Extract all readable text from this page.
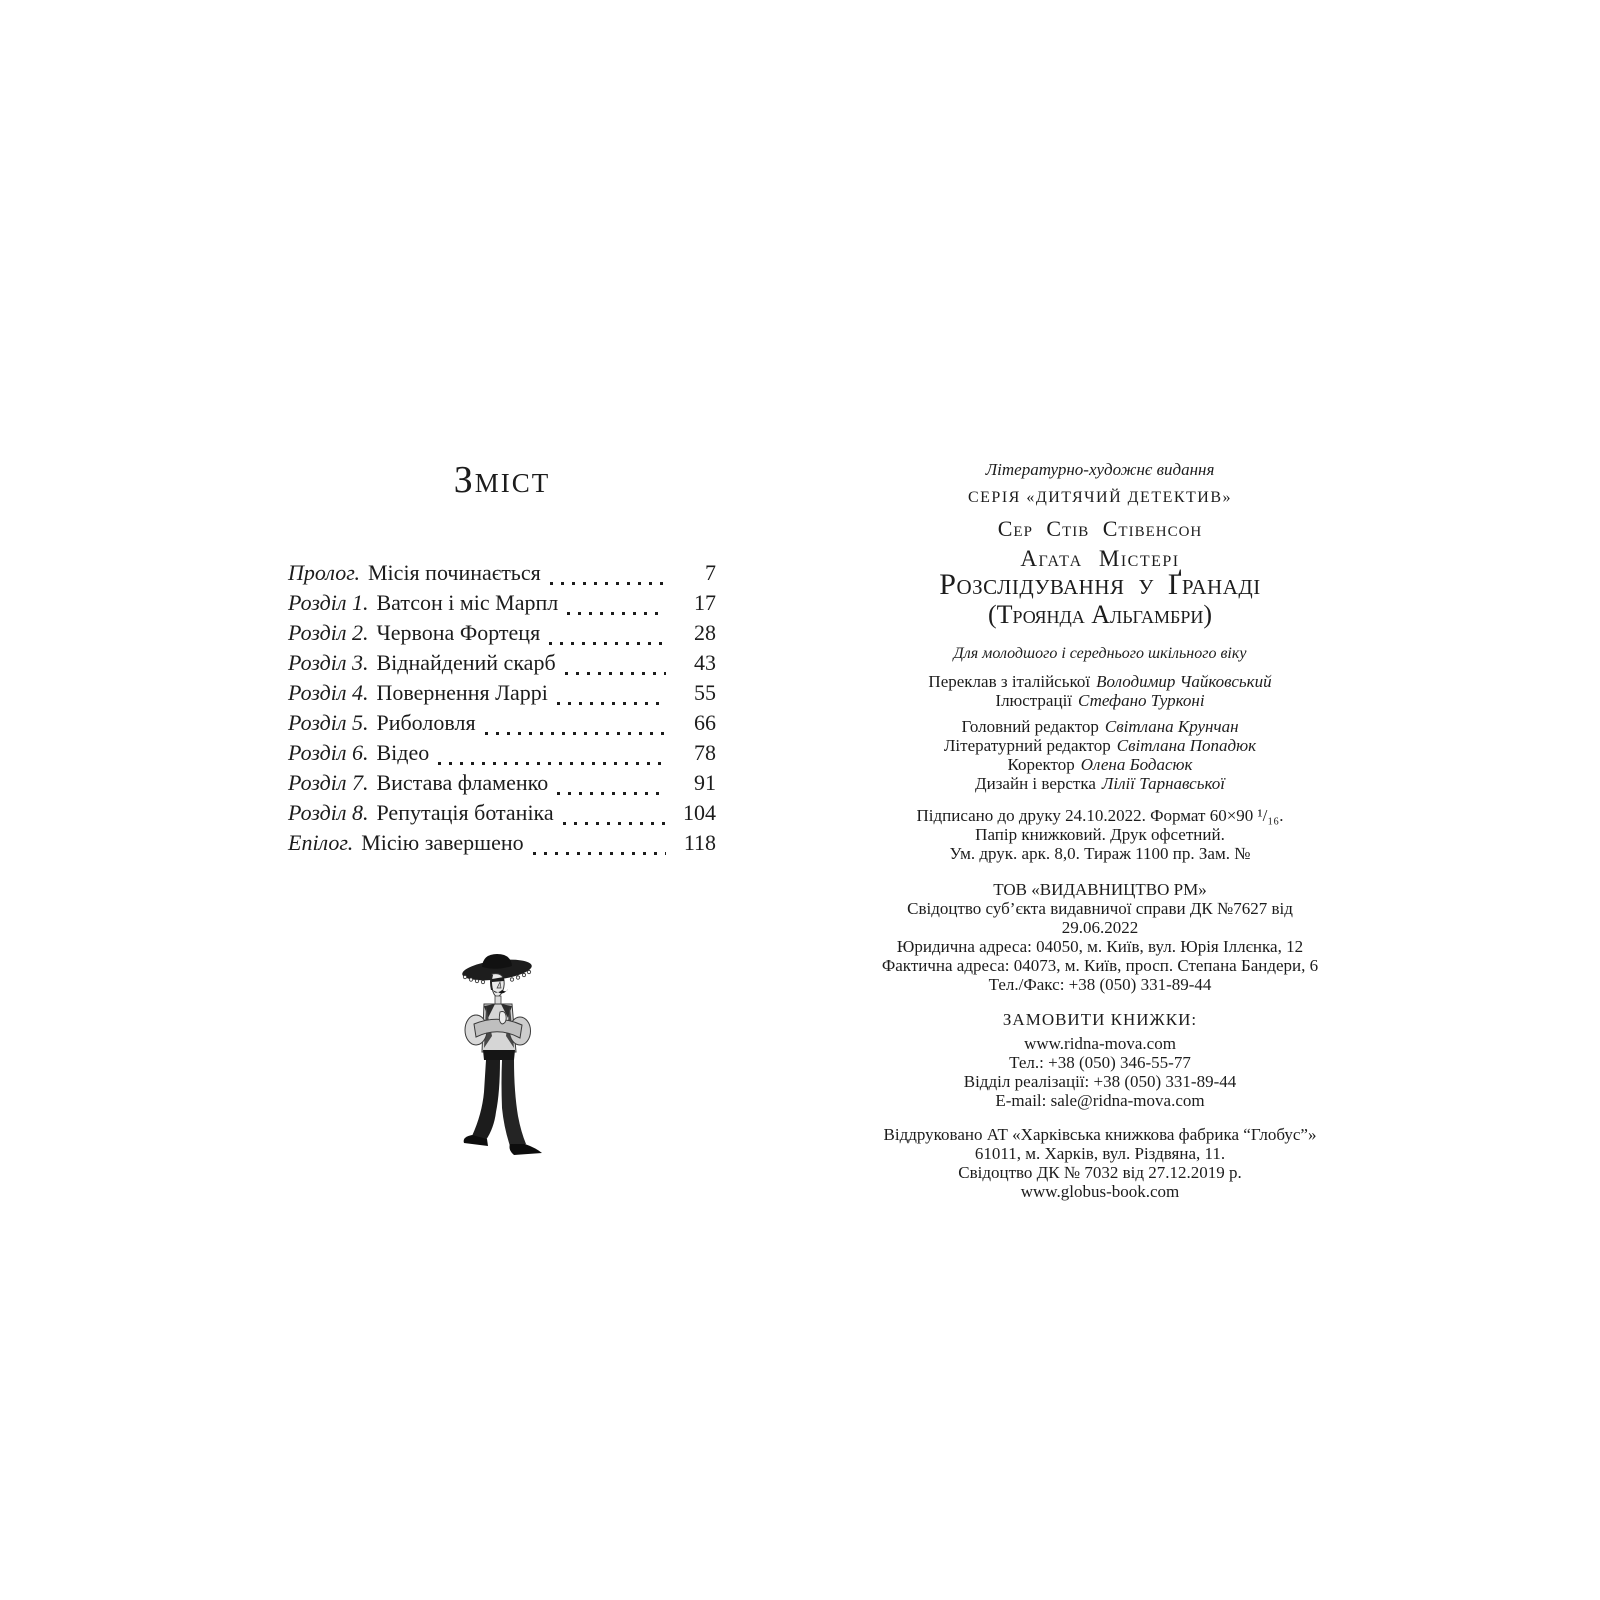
Зміст
Пролог. Місія починається	7
Розділ 1. Ватсон і міс Марпл	17
Розділ 2. Червона Фортеця	28
Розділ 3. Віднайдений скарб	43
Розділ 4. Повернення Ларрі	55
Розділ 5. Риболовля	66
Розділ 6. Відео	78
Розділ 7. Вистава фламенко	91
Розділ 8. Репутація ботаніка	104
Епілог. Місію завершено	118
Літературно-художнє видання
СЕРІЯ «ДИТЯЧИЙ ДЕТЕКТИВ»
Сер Стів Стівенсон
Агата Містері
Розслідування у Ґранаді
(Троянда Альгамбри)
Для молодшого і середнього шкільного віку
Переклав з італійської Володимир Чайковський
Ілюстрації Стефано Турконі
Головний редактор Світлана Крунчан
Літературний редактор Світлана Попадюк
Коректор Олена Бодасюк
Дизайн і верстка Лілії Тарнавської
Підписано до друку 24.10.2022. Формат 60×90 ¹/₁₆.
Папір книжковий. Друк офсетний.
Ум. друк. арк. 8,0. Тираж 1100 пр. Зам. №
ТОВ «ВИДАВНИЦТВО РМ»
Свідоцтво суб’єкта видавничої справи ДК №7627 від 29.06.2022
Юридична адреса: 04050, м. Київ, вул. Юрія Іллєнка, 12
Фактична адреса: 04073, м. Київ, просп. Степана Бандери, 6
Тел./Факс: +38 (050) 331-89-44
ЗАМОВИТИ КНИЖКИ:
www.ridna-mova.com
Тел.: +38 (050) 346-55-77
Відділ реалізації: +38 (050) 331-89-44
E-mail: sale@ridna-mova.com
Віддруковано АТ «Харківська книжкова фабрика “Глобус”»
61011, м. Харків, вул. Різдвяна, 11.
Свідоцтво ДК № 7032 від 27.12.2019 р.
www.globus-book.com
